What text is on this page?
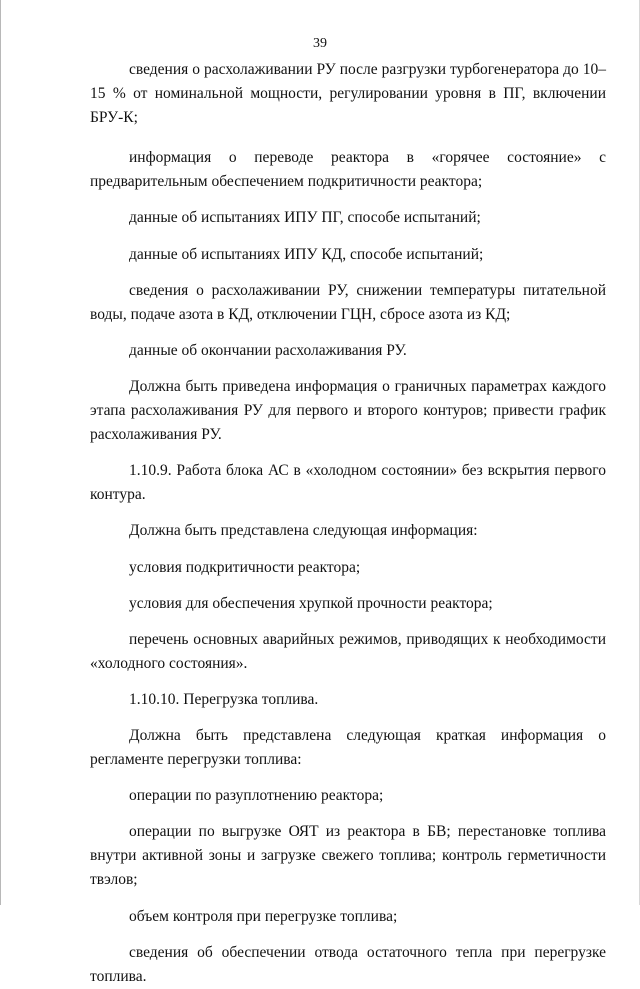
39

сведения о расхолаживании РУ после разгрузки турбогенератора до 10–15 % от номинальной мощности, регулировании уровня в ПГ, включении БРУ-К;

информация о переводе реактора в «горячее состояние» с предварительным обеспечением подкритичности реактора;

данные об испытаниях ИПУ ПГ, способе испытаний;

данные об испытаниях ИПУ КД, способе испытаний;

сведения о расхолаживании РУ, снижении температуры питательной воды, подаче азота в КД, отключении ГЦН, сбросе азота из КД;

данные об окончании расхолаживания РУ.

Должна быть приведена информация о граничных параметрах каждого этапа расхолаживания РУ для первого и второго контуров; привести график расхолаживания РУ.

1.10.9. Работа блока АС в «холодном состоянии» без вскрытия первого контура.

Должна быть представлена следующая информация:

условия подкритичности реактора;

условия для обеспечения хрупкой прочности реактора;

перечень основных аварийных режимов, приводящих к необходимости «холодного состояния».

1.10.10. Перегрузка топлива.

Должна быть представлена следующая краткая информация о регламенте перегрузки топлива:

операции по разуплотнению реактора;

операции по выгрузке ОЯТ из реактора в БВ; перестановке топлива внутри активной зоны и загрузке свежего топлива; контроль герметичности твэлов;

объем контроля при перегрузке топлива;

сведения об обеспечении отвода остаточного тепла при перегрузке топлива.
